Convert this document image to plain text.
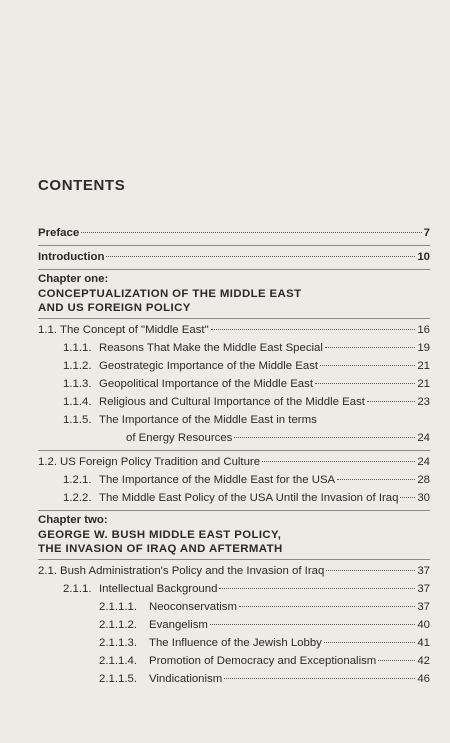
CONTENTS
Preface	7
Introduction	10
Chapter one:
CONCEPTUALIZATION OF THE MIDDLE EAST
AND US FOREIGN POLICY
1.1. The Concept of "Middle East"	16
1.1.1. Reasons That Make the Middle East Special	19
1.1.2. Geostrategic Importance of the Middle East	21
1.1.3. Geopolitical Importance of the Middle East	21
1.1.4. Religious and Cultural Importance of the Middle East	23
1.1.5. The Importance of the Middle East in terms
of Energy Resources	24
1.2. US Foreign Policy Tradition and Culture	24
1.2.1. The Importance of the Middle East for the USA	28
1.2.2. The Middle East Policy of the USA Until the Invasion of Iraq 30
Chapter two:
GEORGE W. BUSH MIDDLE EAST POLICY,
THE INVASION OF IRAQ AND AFTERMATH
2.1. Bush Administration's Policy and the Invasion of Iraq	37
2.1.1. Intellectual Background	37
2.1.1.1. Neoconservatism	37
2.1.1.2. Evangelism	40
2.1.1.3. The Influence of the Jewish Lobby	41
2.1.1.4. Promotion of Democracy and Exceptionalism	42
2.1.1.5. Vindicationism	46
